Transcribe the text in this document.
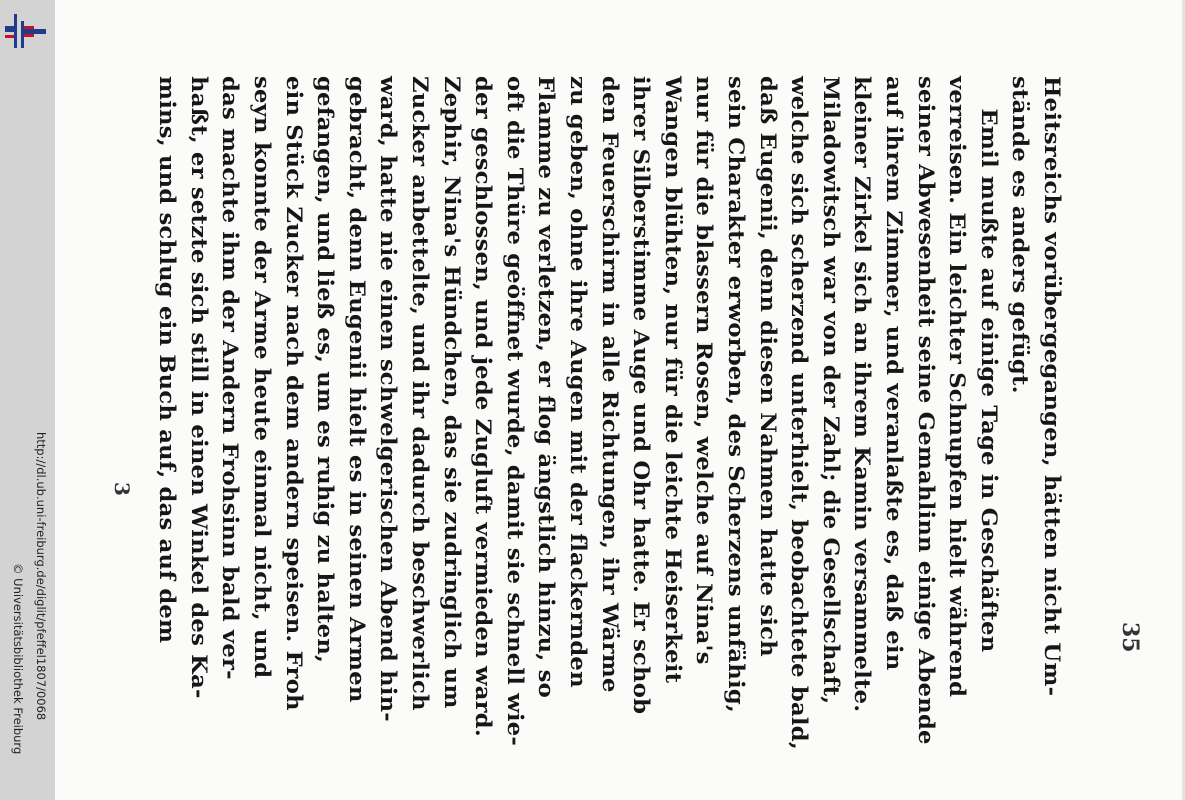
http://dl.ub.uni-freiburg.de/diglit/pfeffel1807/0068
© Universitätsbibliothek Freiburg	35
3	Heitsreichs vorübergegangen, hätten nicht Um-
stände es anders gefügt.
Emil mußte auf einige Tage in Geschäften
verreisen. Ein leichter Schnupfen hielt während
seiner Abwesenheit seine Gemahlinn einige Abende
auf ihrem Zimmer, und veranlaßte es, daß ein
kleiner Zirkel sich an ihrem Kamin versammelte.
Miladowitsch war von der Zahl; die Gesellschaft,
welche sich scherzend unterhielt, beobachtete bald,
daß Eugenii, denn diesen Nahmen hatte sich
sein Charakter erworben, des Scherzens unfähig,
nur für die blassern Rosen, welche auf Nina's
Wangen blühten, nur für die leichte Heiserkeit
ihrer Silberstimme Auge und Ohr hatte. Er schob
den Feuerschirm in alle Richtungen, ihr Wärme
zu geben, ohne ihre Augen mit der flackernden
Flamme zu verletzen, er flog ängstlich hinzu, so
oft die Thüre geöffnet wurde, damit sie schnell wie-
der geschlossen, und jede Zugluft vermieden ward.
Zephir, Nina's Hündchen, das sie zudringlich um
Zucker anbettelte, und ihr dadurch beschwerlich
ward, hatte nie einen schwelgerischen Abend hin-
gebracht, denn Eugenii hielt es in seinen Armen
gefangen, und ließ es, um es ruhig zu halten,
ein Stück Zucker nach dem andern speisen. Froh
seyn konnte der Arme heute einmal nicht, und
das machte ihm der Andern Frohsinn bald ver-
haßt, er setzte sich still in einen Winkel des Ka-
mins, und schlug ein Buch auf, das auf dem
